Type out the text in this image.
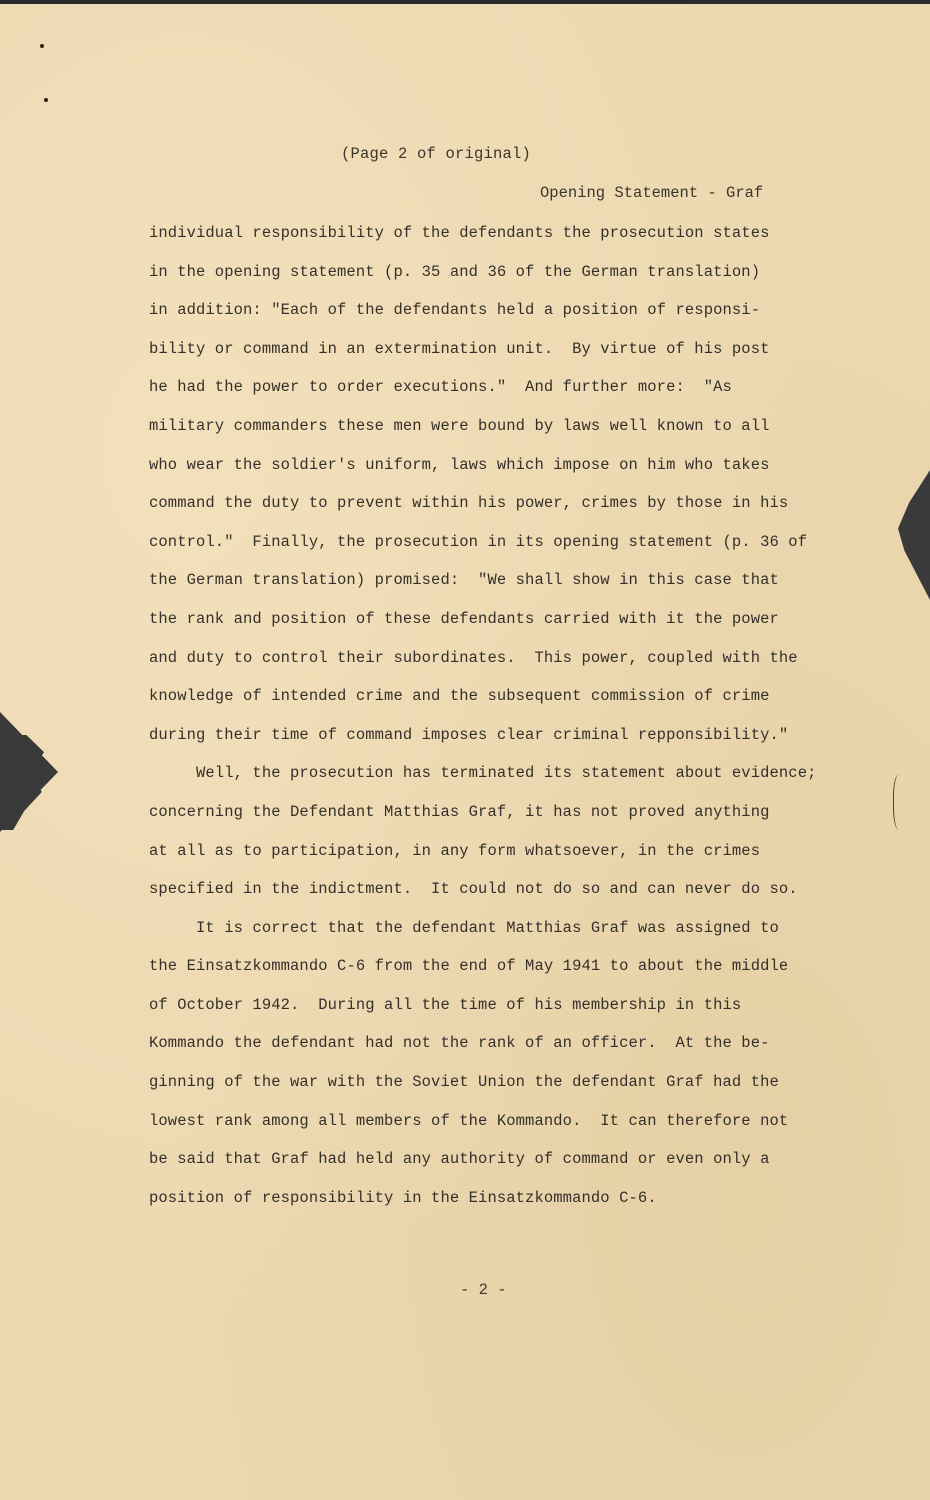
(Page 2 of original)
Opening Statement - Graf
individual responsibility of the defendants the prosecution states
in the opening statement (p. 35 and 36 of the German translation)
in addition: "Each of the defendants held a position of responsi-
bility or command in an extermination unit.  By virtue of his post
he had the power to order executions."  And further more:  "As
military commanders these men were bound by laws well known to all
who wear the soldier's uniform, laws which impose on him who takes
command the duty to prevent within his power, crimes by those in his
control."  Finally, the prosecution in its opening statement (p. 36 of
the German translation) promised:  "We shall show in this case that
the rank and position of these defendants carried with it the power
and duty to control their subordinates.  This power, coupled with the
knowledge of intended crime and the subsequent commission of crime
during their time of command imposes clear criminal repponsibility."
Well, the prosecution has terminated its statement about evidence;
concerning the Defendant Matthias Graf, it has not proved anything
at all as to participation, in any form whatsoever, in the crimes
specified in the indictment.  It could not do so and can never do so.
It is correct that the defendant Matthias Graf was assigned to
the Einsatzkommando C-6 from the end of May 1941 to about the middle
of October 1942.  During all the time of his membership in this
Kommando the defendant had not the rank of an officer.  At the be-
ginning of the war with the Soviet Union the defendant Graf had the
lowest rank among all members of the Kommando.  It can therefore not
be said that Graf had held any authority of command or even only a
position of responsibility in the Einsatzkommando C-6.
- 2 -
